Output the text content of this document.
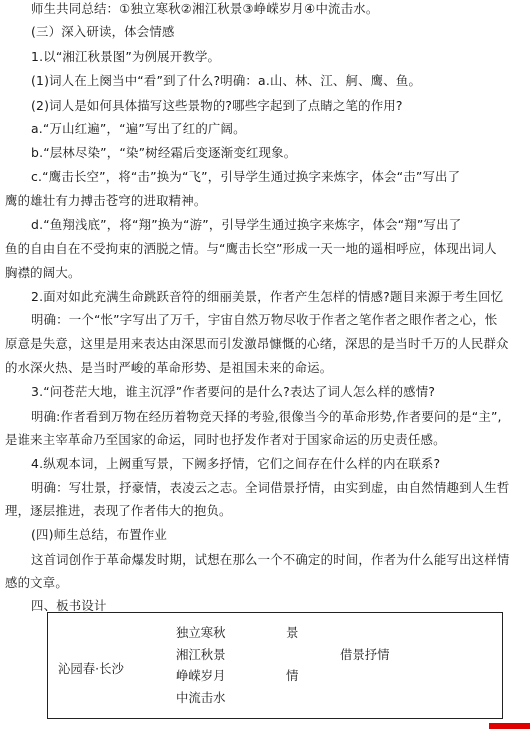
师生共同总结：①独立寒秋②湘江秋景③峥嵘岁月④中流击水。
(三）深入研读，体会情感
1.以“湘江秋景图”为例展开教学。
(1)词人在上阕当中“看”到了什么?明确：a.山、林、江、舸、鹰、鱼。
(2)词人是如何具体描写这些景物的?哪些字起到了点睛之笔的作用?
a.“万山红遍”，“遍”写出了红的广阔。
b.“层林尽染”，“染”树经霜后变逐渐变红现象。
c.“鹰击长空”，将“击”换为“飞”，引导学生通过换字来炼字，体会“击”写出了
鹰的雄壮有力搏击苍穹的进取精神。
d.“鱼翔浅底”，将“翔”换为“游”，引导学生通过换字来炼字，体会“翔”写出了
鱼的自由自在不受拘束的洒脱之情。与“鹰击长空”形成一天一地的遥相呼应，体现出词人
胸襟的阔大。
2.面对如此充满生命跳跃音符的细丽美景，作者产生怎样的情感?题目来源于考生回忆
明确：一个“怅”字写出了万千，宇宙自然万物尽收于作者之笔作者之眼作者之心，怅
原意是失意，这里是用来表达由深思而引发激昂慷慨的心绪，深思的是当时千万的人民群众
的水深火热、是当时严峻的革命形势、是祖国未来的命运。
3.“问苍茫大地，谁主沉浮”作者要问的是什么?表达了词人怎么样的感情?
明确:作者看到万物在经历着物竞天择的考验,很像当今的革命形势,作者要问的是“主”,
是谁来主宰革命乃至国家的命运，同时也抒发作者对于国家命运的历史责任感。
4.纵观本词，上阙重写景，下阙多抒情，它们之间存在什么样的内在联系?
明确：写壮景，抒豪情，表凌云之志。全词借景抒情，由实到虚，由自然情趣到人生哲
理，逐层推进，表现了作者伟大的抱负。
(四)师生总结，布置作业
这首词创作于革命爆发时期，试想在那么一个不确定的时间，作者为什么能写出这样情
感的文章。
四、板书设计
沁园春·长沙
独立寒秋
湘江秋景
峥嵘岁月
中流击水
景
情
借景抒情
